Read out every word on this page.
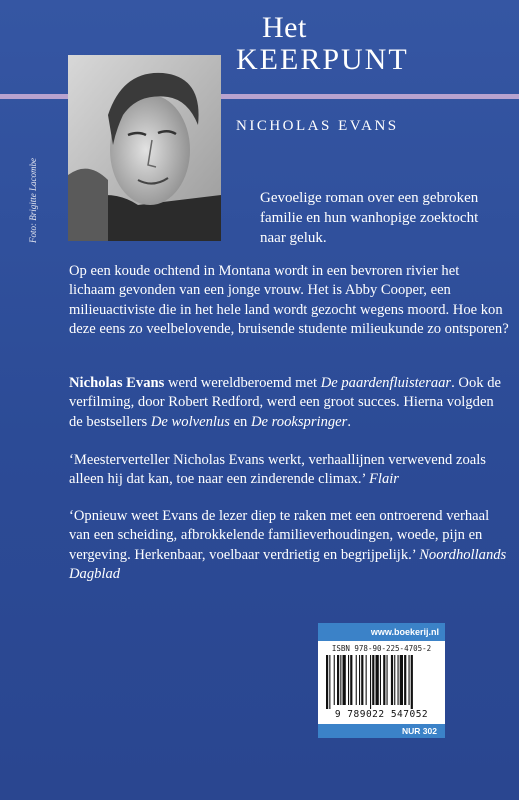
Het
KEERPUNT
Foto: Brigitte Lacombe
NICHOLAS EVANS
Gevoelige roman over een gebroken familie en hun wanhopige zoektocht naar geluk.

Op een koude ochtend in Montana wordt in een bevroren rivier het lichaam gevonden van een jonge vrouw. Het is Abby Cooper, een milieuactiviste die in het hele land wordt gezocht wegens moord. Hoe kon deze eens zo veelbelovende, bruisende studente milieukunde zo ontsporen?

Nicholas Evans werd wereldberoemd met De paardenfluisteraar. Ook de verfilming, door Robert Redford, werd een groot succes. Hierna volgden de bestsellers De wolvenlus en De rookspringer.

‘Meesterverteller Nicholas Evans werkt, verhaallijnen verwevend zoals alleen hij dat kan, toe naar een zinderende climax.’ Flair

‘Opnieuw weet Evans de lezer diep te raken met een ontroerend verhaal van een scheiding, afbrokkelende familieverhoudingen, woede, pijn en vergeving. Herkenbaar, voelbaar verdrietig en begrijpelijk.’ Noordhollands Dagblad

www.boekerij.nl
ISBN 978-90-225-4705-2
9 789022 547052
NUR 302
